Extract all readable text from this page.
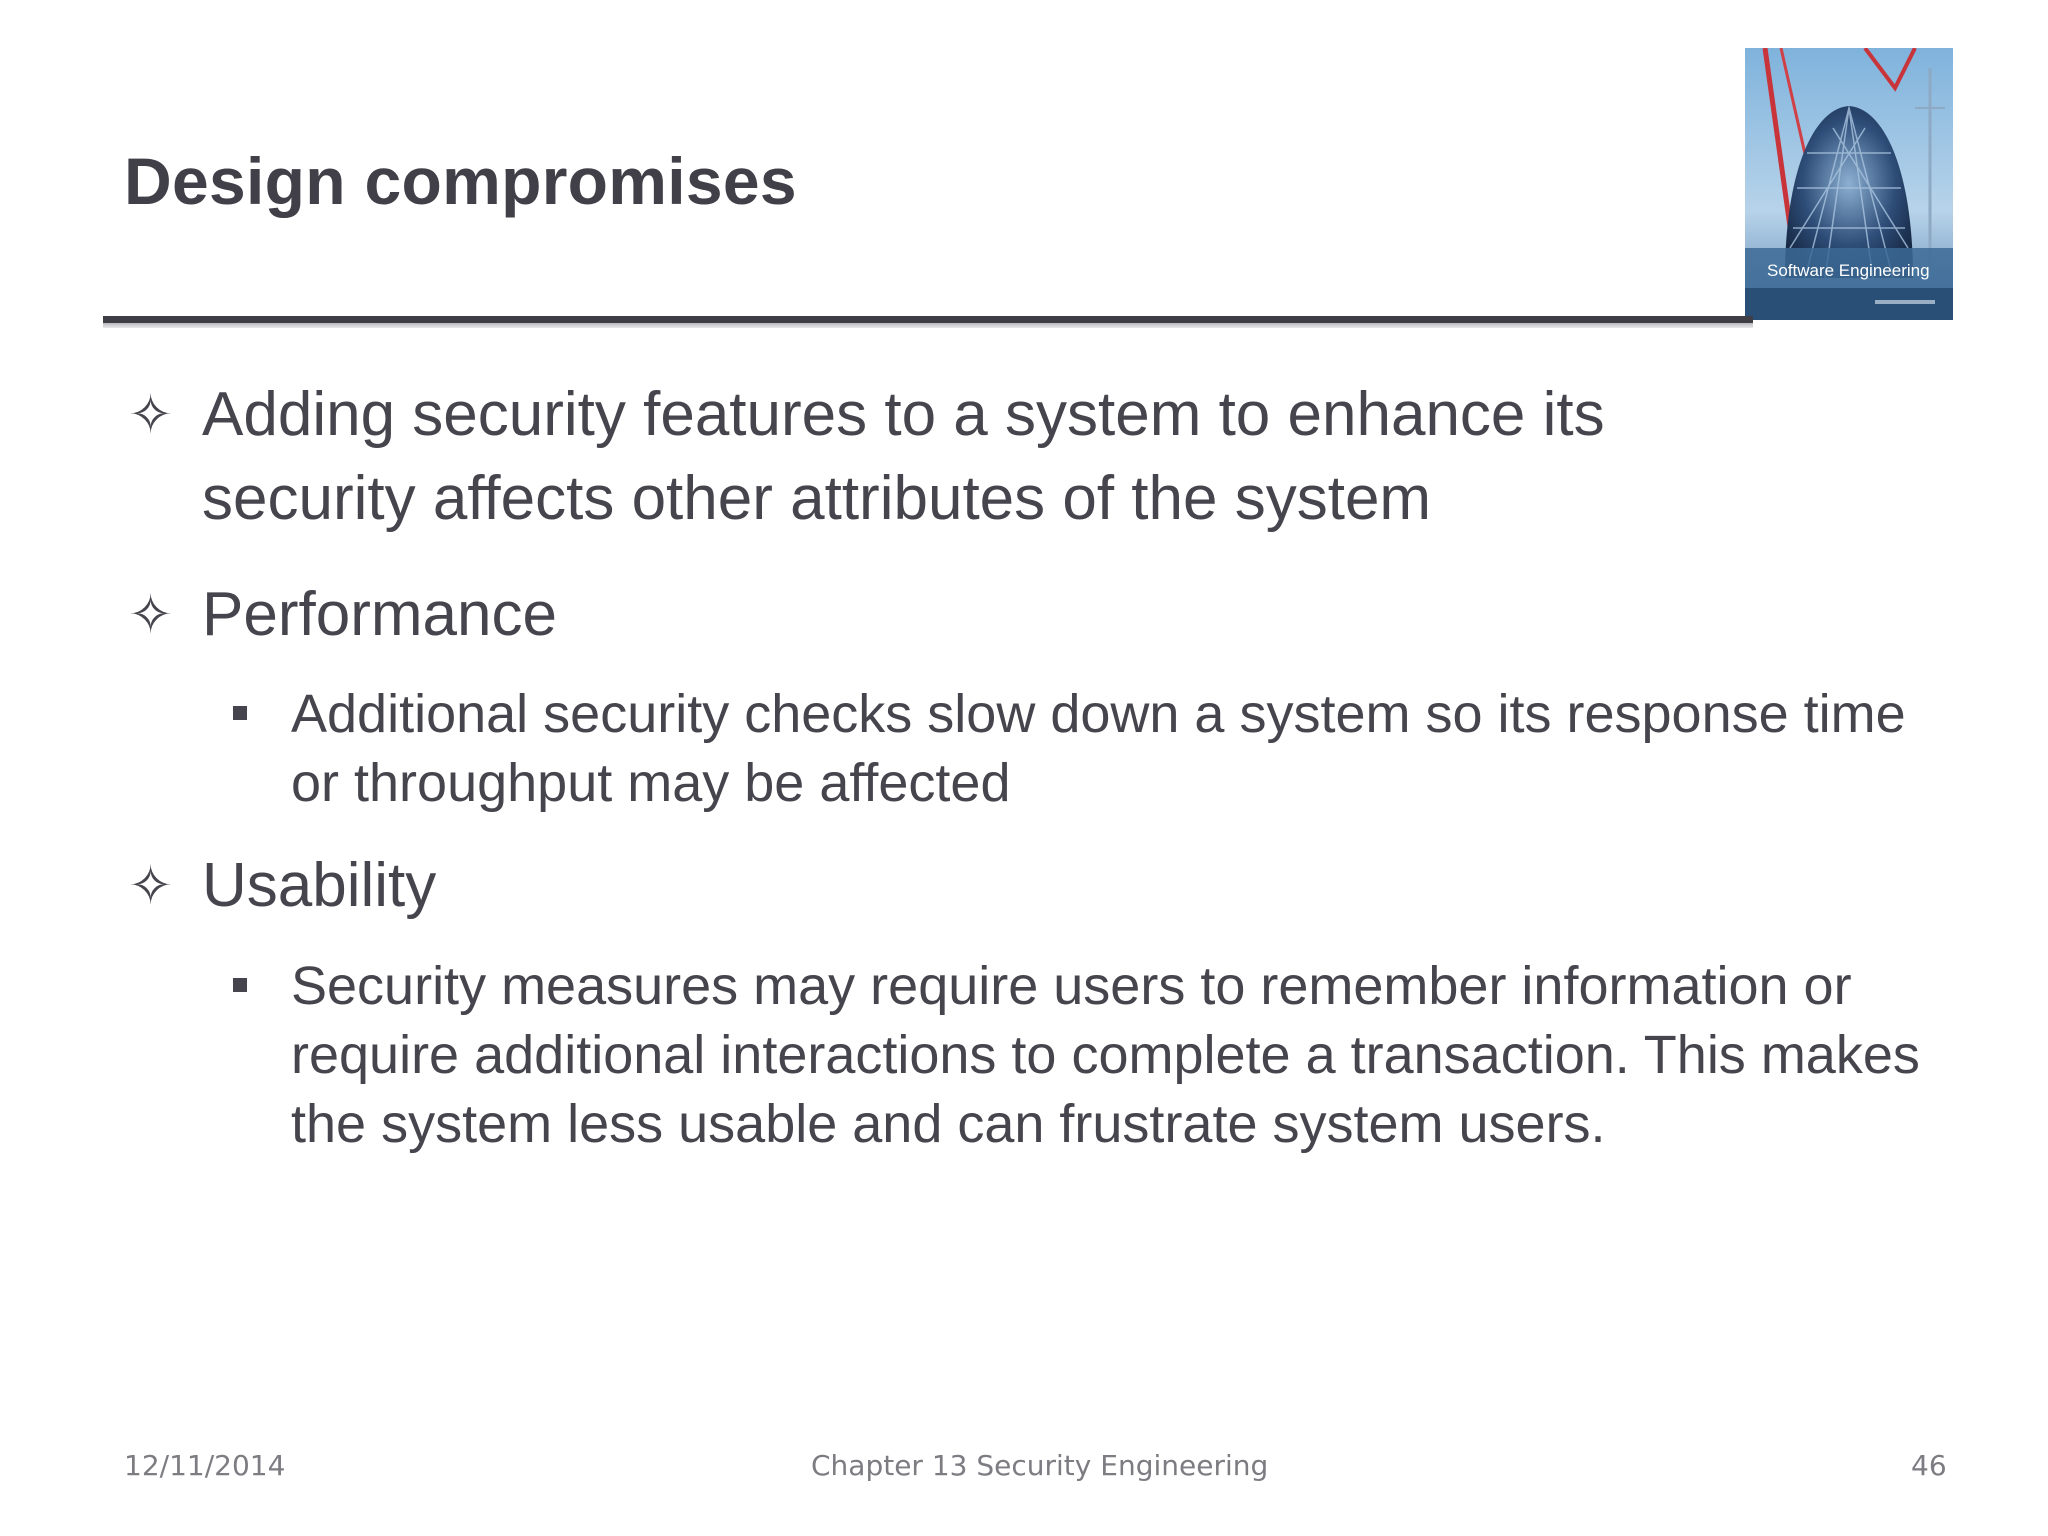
Design compromises
Software Engineering
✧ Adding security features to a system to enhance its security affects other attributes of the system
✧ Performance
Additional security checks slow down a system so its response time or throughput may be affected
✧ Usability
Security measures may require users to remember information or require additional interactions to complete a transaction. This makes the system less usable and can frustrate system users.
12/11/2014	Chapter 13 Security Engineering	46
